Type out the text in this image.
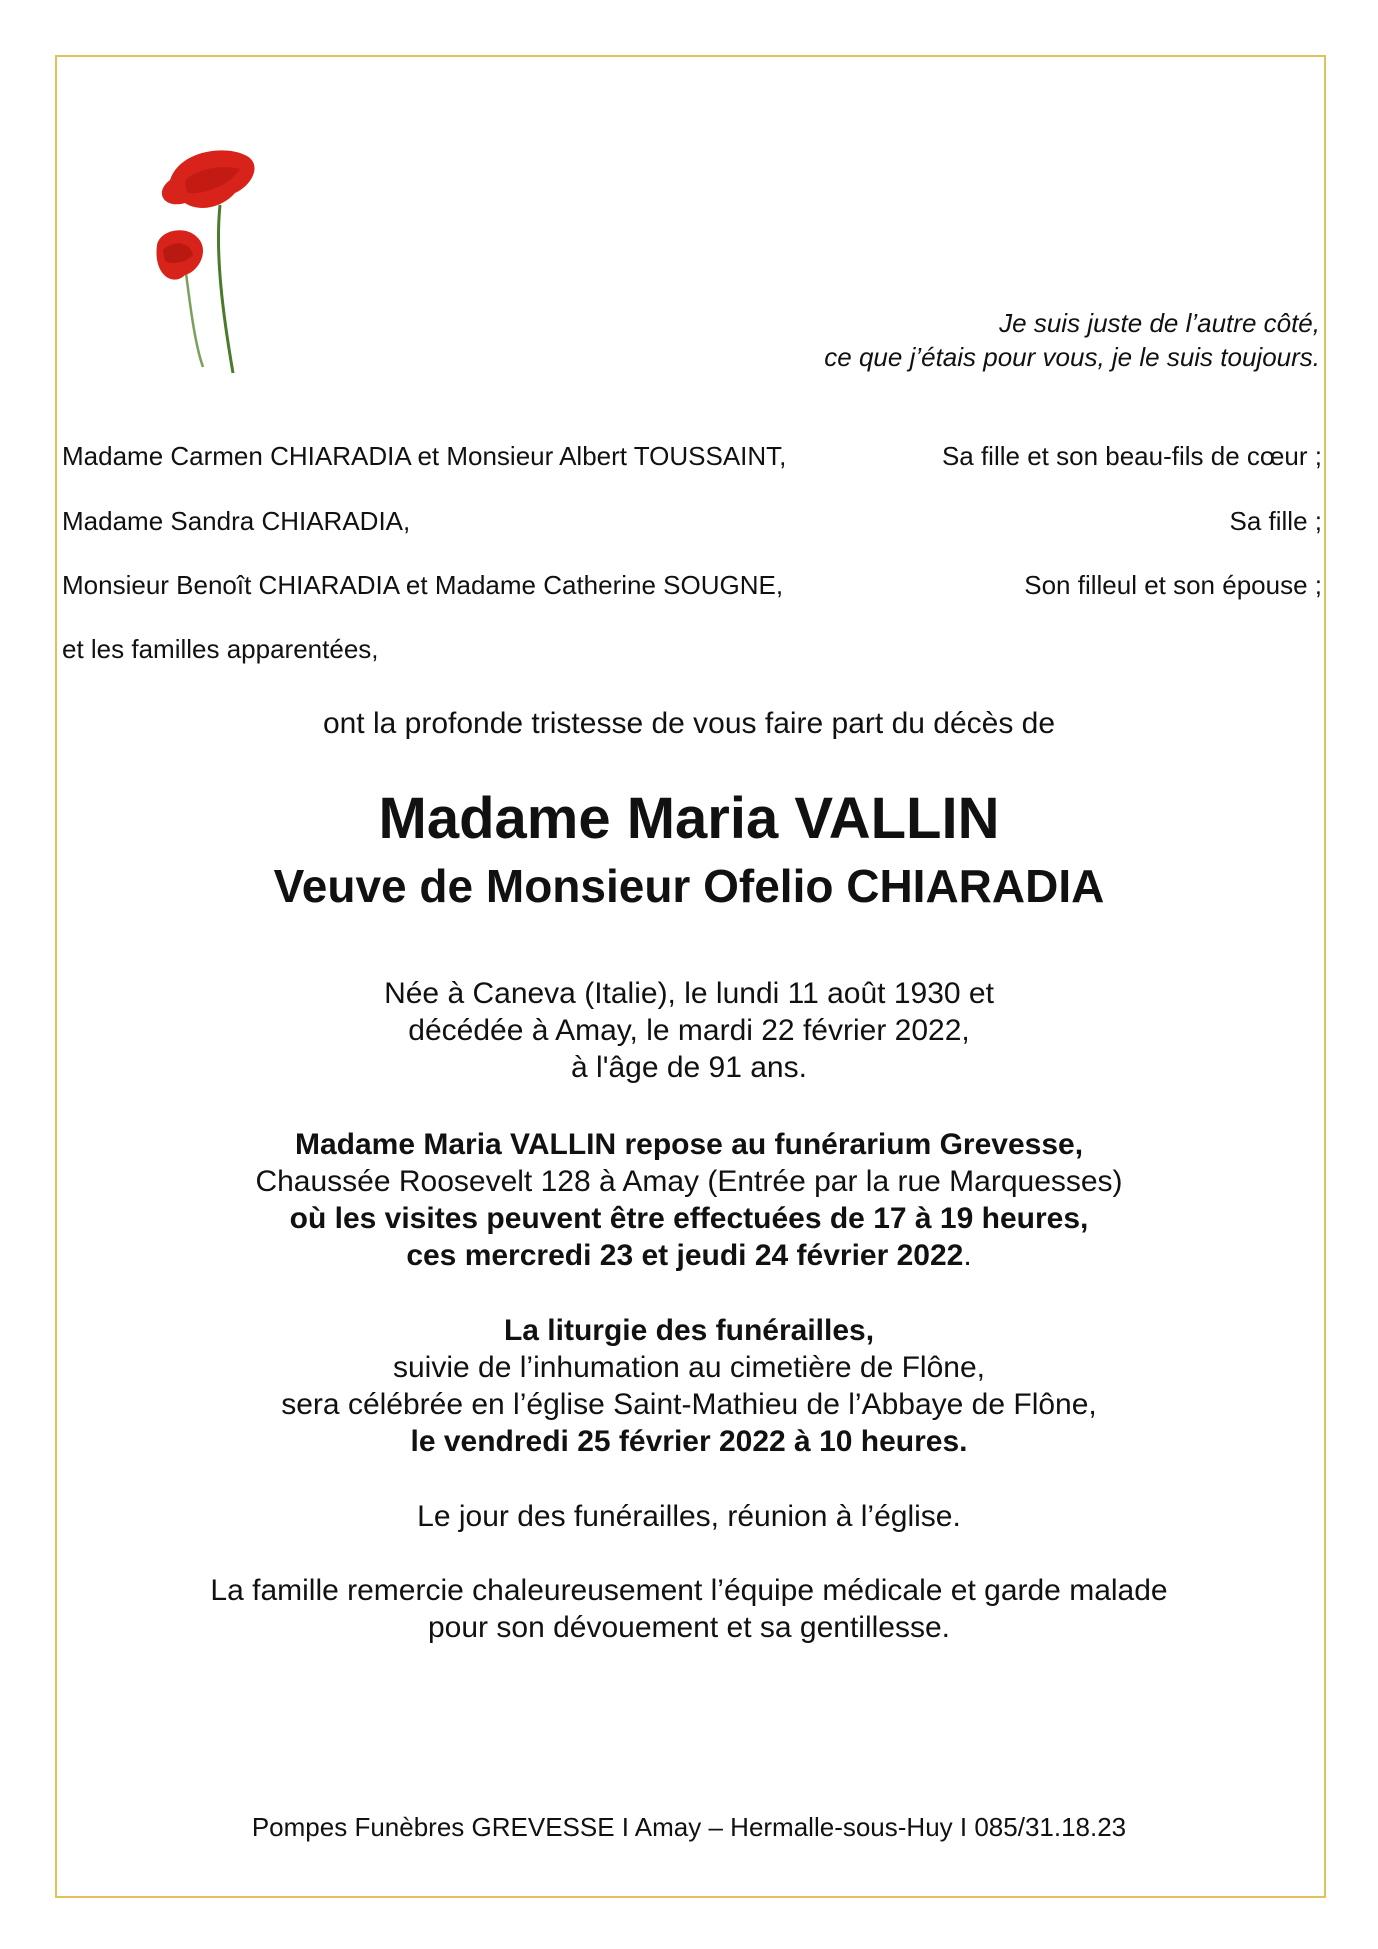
Je suis juste de l’autre côté,
ce que j’étais pour vous, je le suis toujours.
Madame Carmen CHIARADIA et Monsieur Albert TOUSSAINT,	Sa fille et son beau-fils de cœur ;
Madame Sandra CHIARADIA,	Sa fille ;
Monsieur Benoît CHIARADIA et Madame Catherine SOUGNE,	Son filleul et son épouse ;
et les familles apparentées,
ont la profonde tristesse de vous faire part du décès de
Madame Maria VALLIN
Veuve de Monsieur Ofelio CHIARADIA

Née à Caneva (Italie), le lundi 11 août 1930 et

décédée à Amay, le mardi 22 février 2022,

à l'âge de 91 ans.

Madame Maria VALLIN repose au funérarium Grevesse,

Chaussée Roosevelt 128 à Amay (Entrée par la rue Marquesses)

où les visites peuvent être effectuées de 17 à 19 heures,

ces mercredi 23 et jeudi 24 février 2022.

La liturgie des funérailles,

suivie de l’inhumation au cimetière de Flône,

sera célébrée en l’église Saint-Mathieu de l’Abbaye de Flône,

le vendredi 25 février 2022 à 10 heures.

Le jour des funérailles, réunion à l’église.

La famille remercie chaleureusement l’équipe médicale et garde malade

pour son dévouement et sa gentillesse.

Pompes Funèbres GREVESSE I Amay – Hermalle-sous-Huy I 085/31.18.23
